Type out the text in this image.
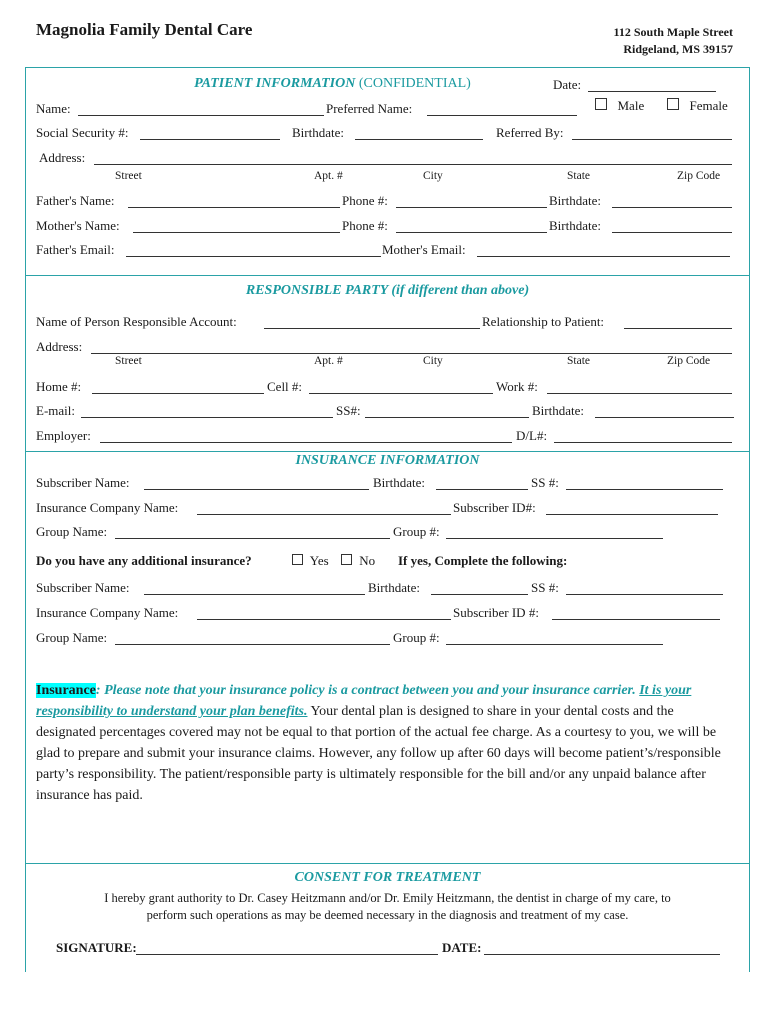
Magnolia Family Dental Care	112 South Maple Street
Ridgeland, MS 39157
PATIENT INFORMATION (CONFIDENTIAL)	Date:
Name:	Preferred Name:	Male	Female
Social Security #:	Birthdate:	Referred By:
Address:
Street	Apt. #	City	State	Zip Code
Father's Name:	Phone #:	Birthdate:
Mother's Name:	Phone #:	Birthdate:
Father's Email:	Mother's Email:
RESPONSIBLE PARTY (if different than above)
Name of Person Responsible Account:	Relationship to Patient:
Address:
Street	Apt. #	City	State	Zip Code
Home #:	Cell #:	Work #:
E-mail:	SS#:	Birthdate:
Employer:	D/L#:
INSURANCE INFORMATION
Subscriber Name:	Birthdate:	SS #:
Insurance Company Name:	Subscriber ID#:
Group Name:	Group #:
Do you have any additional insurance?	Yes	No If yes, Complete the following:
Subscriber Name:	Birthdate:	SS #:
Insurance Company Name:	Subscriber ID #:
Group Name:	Group #:
Insurance: Please note that your insurance policy is a contract between you and your insurance carrier. It is your responsibility to understand your plan benefits. Your dental plan is designed to share in your dental costs and the designated percentages covered may not be equal to that portion of the actual fee charge. As a courtesy to you, we will be glad to prepare and submit your insurance claims. However, any follow up after 60 days will become patient’s/responsible party’s responsibility. The patient/responsible party is ultimately responsible for the bill and/or any unpaid balance after insurance has paid.
CONSENT FOR TREATMENT
I hereby grant authority to Dr. Casey Heitzmann and/or Dr. Emily Heitzmann, the dentist in charge of my care, to
perform such operations as may be deemed necessary in the diagnosis and treatment of my case.
SIGNATURE:	DATE:
